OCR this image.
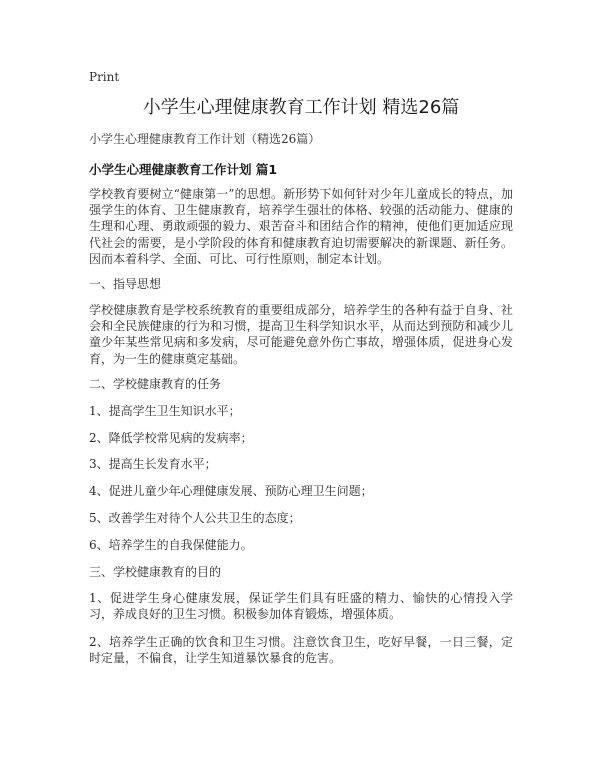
Print
小学生心理健康教育工作计划 精选26篇
小学生心理健康教育工作计划（精选26篇）
小学生心理健康教育工作计划 篇1

学校教育要树立“健康第一”的思想。新形势下如何针对少年儿童成长的特点，加强学生的体育、卫生健康教育，培养学生强壮的体格、较强的活动能力、健康的生理和心理、勇敢顽强的毅力、艰苦奋斗和团结合作的精神，使他们更加适应现代社会的需要，是小学阶段的体育和健康教育迫切需要解决的新课题、新任务。因而本着科学、全面、可比、可行性原则，制定本计划。

一、指导思想

学校健康教育是学校系统教育的重要组成部分，培养学生的各种有益于自身、社会和全民族健康的行为和习惯，提高卫生科学知识水平，从而达到预防和减少儿童少年某些常见病和多发病，尽可能避免意外伤亡事故，增强体质，促进身心发育，为一生的健康奠定基础。

二、学校健康教育的任务

1、提高学生卫生知识水平；

2、降低学校常见病的发病率；

3、提高生长发育水平；

4、促进儿童少年心理健康发展、预防心理卫生问题；

5、改善学生对待个人公共卫生的态度；

6、培养学生的自我保健能力。

三、学校健康教育的目的

1、促进学生身心健康发展，保证学生们具有旺盛的精力、愉快的心情投入学习，养成良好的卫生习惯。积极参加体育锻炼，增强体质。

2、培养学生正确的饮食和卫生习惯。注意饮食卫生，吃好早餐，一日三餐，定时定量，不偏食，让学生知道暴饮暴食的危害。
